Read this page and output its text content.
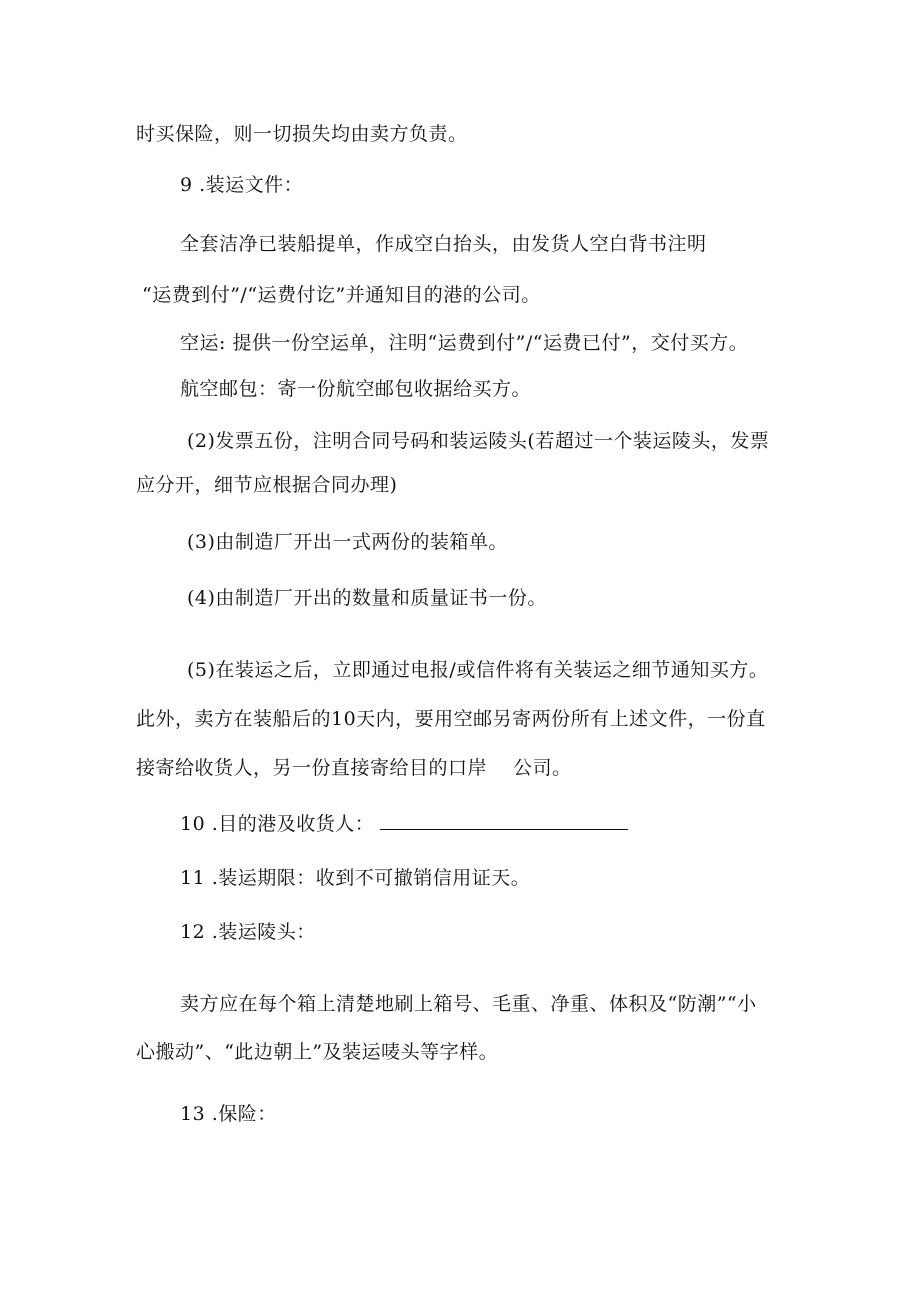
时买保险，则一切损失均由卖方负责。
9 .装运文件：
全套洁净已装船提单，作成空白抬头，由发货人空白背书注明
“运费到付”/“运费付讫”并通知目的港的公司。
空运: 提供一份空运单，注明“运费到付”/“运费已付”，交付买方。
航空邮包：寄一份航空邮包收据给买方。
(2)发票五份，注明合同号码和装运陵头(若超过一个装运陵头，发票
应分开，细节应根据合同办理)
(3)由制造厂开出一式两份的装箱单。
(4)由制造厂开出的数量和质量证书一份。
(5)在装运之后，立即通过电报/或信件将有关装运之细节通知买方。
此外，卖方在装船后的10天内，要用空邮另寄两份所有上述文件，一份直
接寄给收货人，另一份直接寄给目的口岸 公司。
10 .目的港及收货人：
11 .装运期限：收到不可撤销信用证天。
12 .装运陵头：
卖方应在每个箱上清楚地刷上箱号、毛重、净重、体积及“防潮”“小
心搬动”、“此边朝上”及装运唛头等字样。
13 .保险：
